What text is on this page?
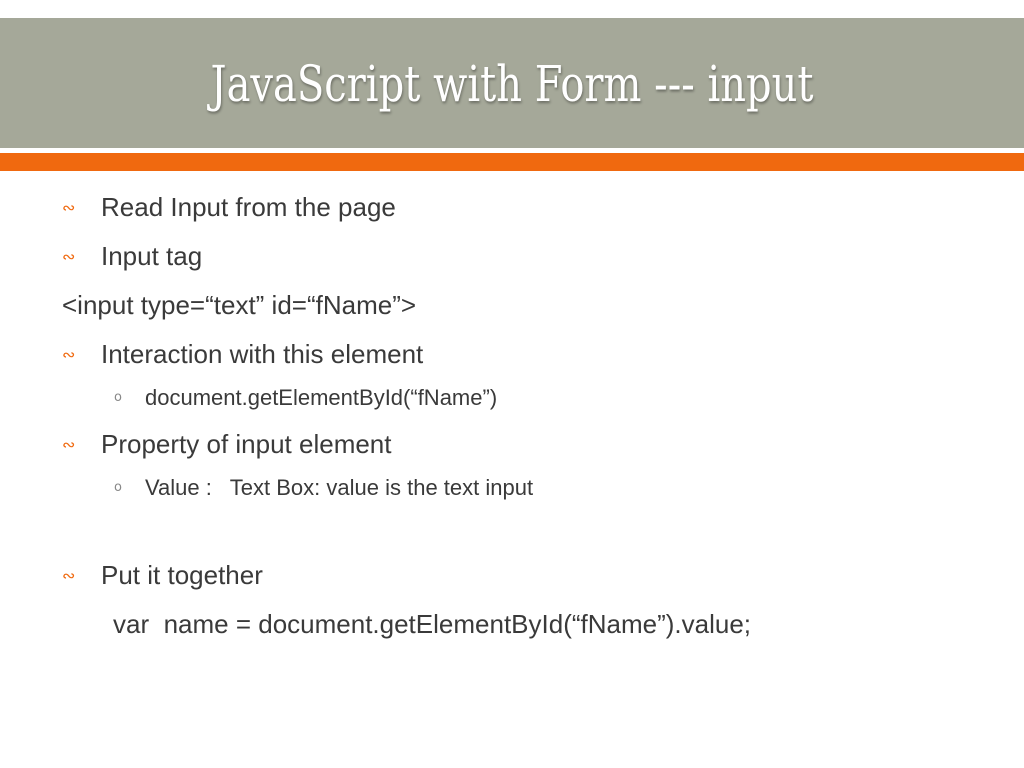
JavaScript with Form --- input
∾ Read Input from the page
∾ Input tag
<input type=“text” id=“fName”>
∾ Interaction with this element
o document.getElementById(“fName”)
∾ Property of input element
o Value :   Text Box: value is the text input
∾ Put it together
var  name = document.getElementById(“fName”).value;
